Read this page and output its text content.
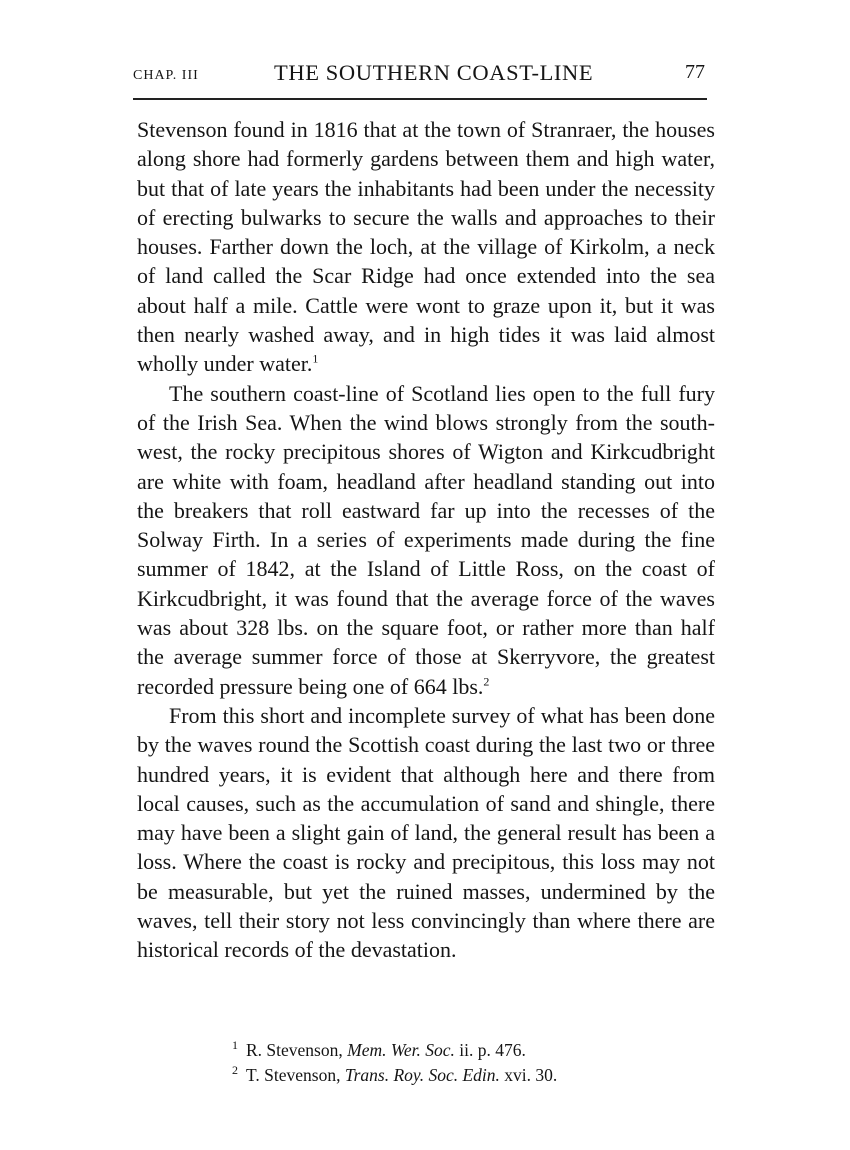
CHAP. III	THE SOUTHERN COAST-LINE	77

Stevenson found in 1816 that at the town of Stranraer, the houses along shore had formerly gardens between them and high water, but that of late years the inhabitants had been under the necessity of erecting bulwarks to secure the walls and approaches to their houses. Farther down the loch, at the village of Kirkolm, a neck of land called the Scar Ridge had once extended into the sea about half a mile. Cattle were wont to graze upon it, but it was then nearly washed away, and in high tides it was laid almost wholly under water.$^1$

The southern coast-line of Scotland lies open to the full fury of the Irish Sea. When the wind blows strongly from the south-west, the rocky precipitous shores of Wigton and Kirkcudbright are white with foam, headland after headland standing out into the breakers that roll eastward far up into the recesses of the Solway Firth. In a series of experiments made during the fine summer of 1842, at the Island of Little Ross, on the coast of Kirkcudbright, it was found that the average force of the waves was about 328 lbs. on the square foot, or rather more than half the average summer force of those at Skerryvore, the greatest recorded pressure being one of 664 lbs.$^2$

From this short and incomplete survey of what has been done by the waves round the Scottish coast during the last two or three hundred years, it is evident that although here and there from local causes, such as the accumulation of sand and shingle, there may have been a slight gain of land, the general result has been a loss. Where the coast is rocky and precipitous, this loss may not be measurable, but yet the ruined masses, undermined by the waves, tell their story not less convincingly than where there are historical records of the devastation.

$^1$ R. Stevenson, Mem. Wer. Soc. ii. p. 476.
$^2$ T. Stevenson, Trans. Roy. Soc. Edin. xvi. 30.
